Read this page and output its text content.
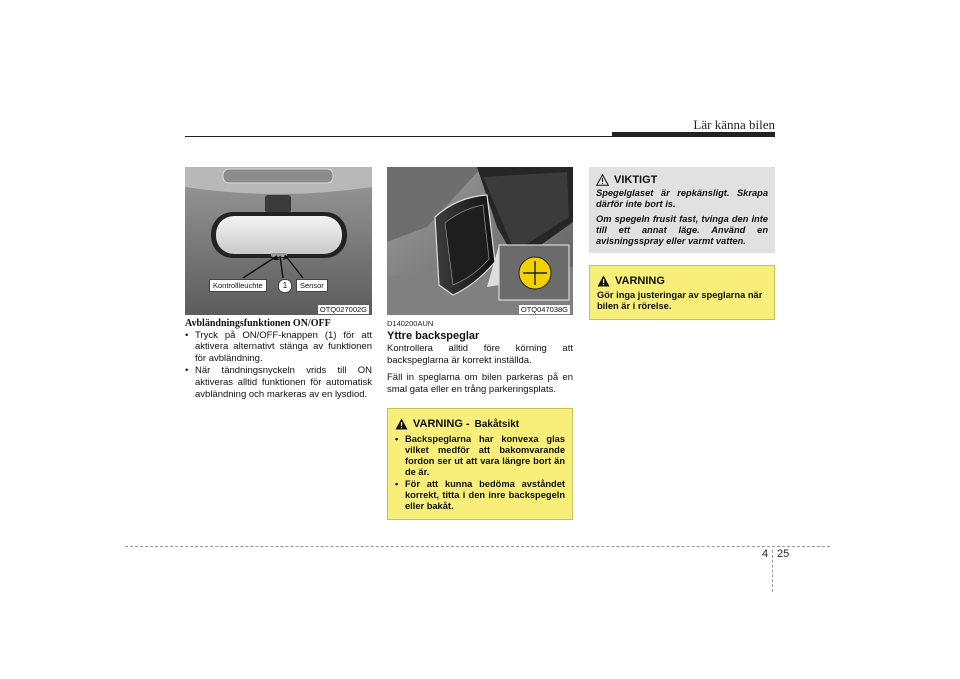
Lär känna bilen
Kontrollleuchte	1	Sensor
OTQ027002G
Avbländningsfunktionen ON/OFF
• Tryck på ON/OFF-knappen (1) för att aktivera alternativt stänga av funktionen för avbländning.
• När tändningsnyckeln vrids till ON aktiveras alltid funktionen för automatisk avbländning och markeras av en lysdiod.
OTQ047038G
D140200AUN
Yttre backspeglar

Kontrollera alltid före körning att backspeglarna är korrekt inställda.

Fäll in speglarna om bilen parkeras på en smal gata eller en trång parkeringsplats.

VARNING - Bakåtsikt
• Backspeglarna har konvexa glas vilket medför att bakomvarande fordon ser ut att vara längre bort än de är.
• För att kunna bedöma avståndet korrekt, titta i den inre backspegeln eller bakåt.
VIKTIGT
Spegelglaset är repkänsligt. Skrapa därför inte bort is.
Om spegeln frusit fast, tvinga den inte till ett annat läge. Använd en avisningsspray eller varmt vatten.
VARNING
Gör inga justeringar av speglarna när bilen är i rörelse.
4 25
